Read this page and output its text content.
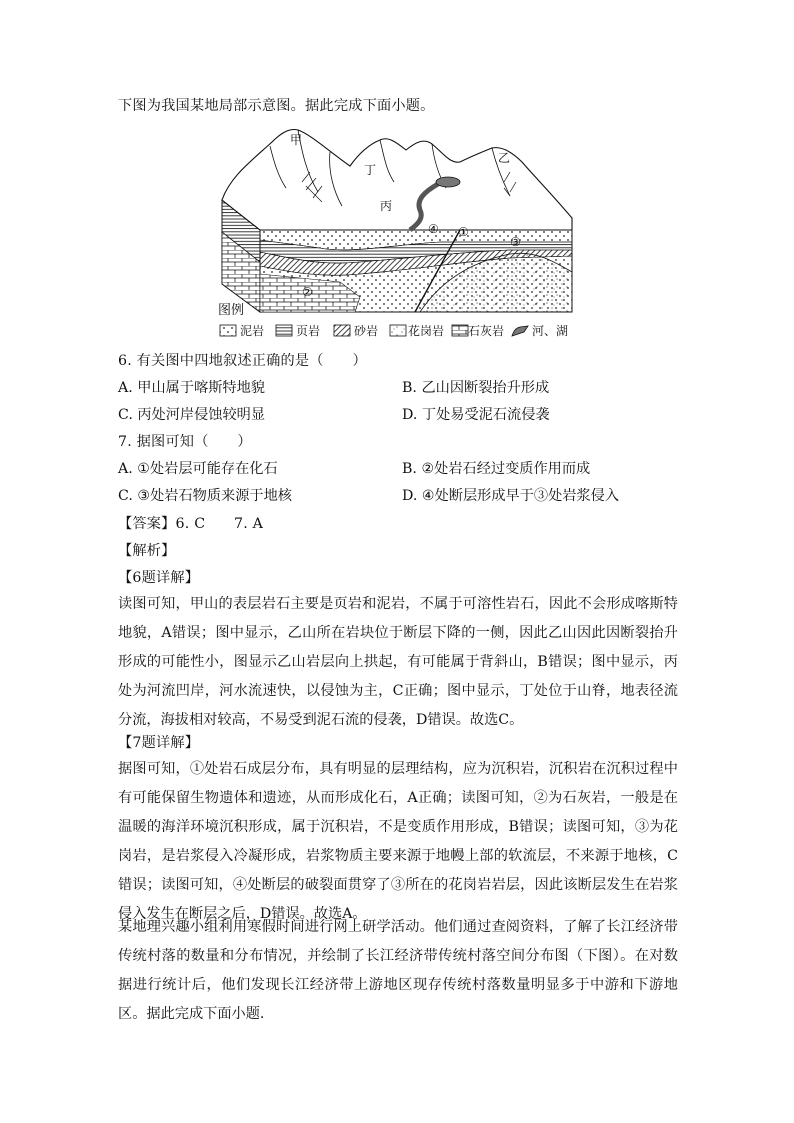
下图为我国某地局部示意图。据此完成下面小题。
甲
丁
乙
丙
④ ①
③
②
图例
泥岩	页岩	砂岩 花岗岩 石灰岩 河、湖
6. 有关图中四地叙述正确的是（　　）
A. 甲山属于喀斯特地貌	B. 乙山因断裂抬升形成
C. 丙处河岸侵蚀较明显	D. 丁处易受泥石流侵袭
7. 据图可知（　　）
A. ①处岩层可能存在化石	B. ②处岩石经过变质作用而成
C. ③处岩石物质来源于地核	D. ④处断层形成早于③处岩浆侵入
【答案】6. C　　7. A
【解析】
【6题详解】
读图可知，甲山的表层岩石主要是页岩和泥岩，不属于可溶性岩石，因此不会形成喀斯特地貌，A错误；图中显示，乙山所在岩块位于断层下降的一侧，因此乙山因此因断裂抬升形成的可能性小，图显示乙山岩层向上拱起，有可能属于背斜山，B错误；图中显示，丙处为河流凹岸，河水流速快，以侵蚀为主，C正确；图中显示，丁处位于山脊，地表径流分流，海拔相对较高，不易受到泥石流的侵袭，D错误。故选C。
【7题详解】
据图可知，①处岩石成层分布，具有明显的层理结构，应为沉积岩，沉积岩在沉积过程中有可能保留生物遗体和遗迹，从而形成化石，A正确；读图可知，②为石灰岩，一般是在温暖的海洋环境沉积形成，属于沉积岩，不是变质作用形成，B错误；读图可知，③为花岗岩，是岩浆侵入冷凝形成，岩浆物质主要来源于地幔上部的软流层，不来源于地核，C错误；读图可知，④处断层的破裂面贯穿了③所在的花岗岩岩层，因此该断层发生在岩浆侵入发生在断层之后，D错误。故选A。
某地理兴趣小组利用寒假时间进行网上研学活动。他们通过查阅资料，了解了长江经济带传统村落的数量和分布情况，并绘制了长江经济带传统村落空间分布图（下图）。在对数据进行统计后，他们发现长江经济带上游地区现存传统村落数量明显多于中游和下游地区。据此完成下面小题.
